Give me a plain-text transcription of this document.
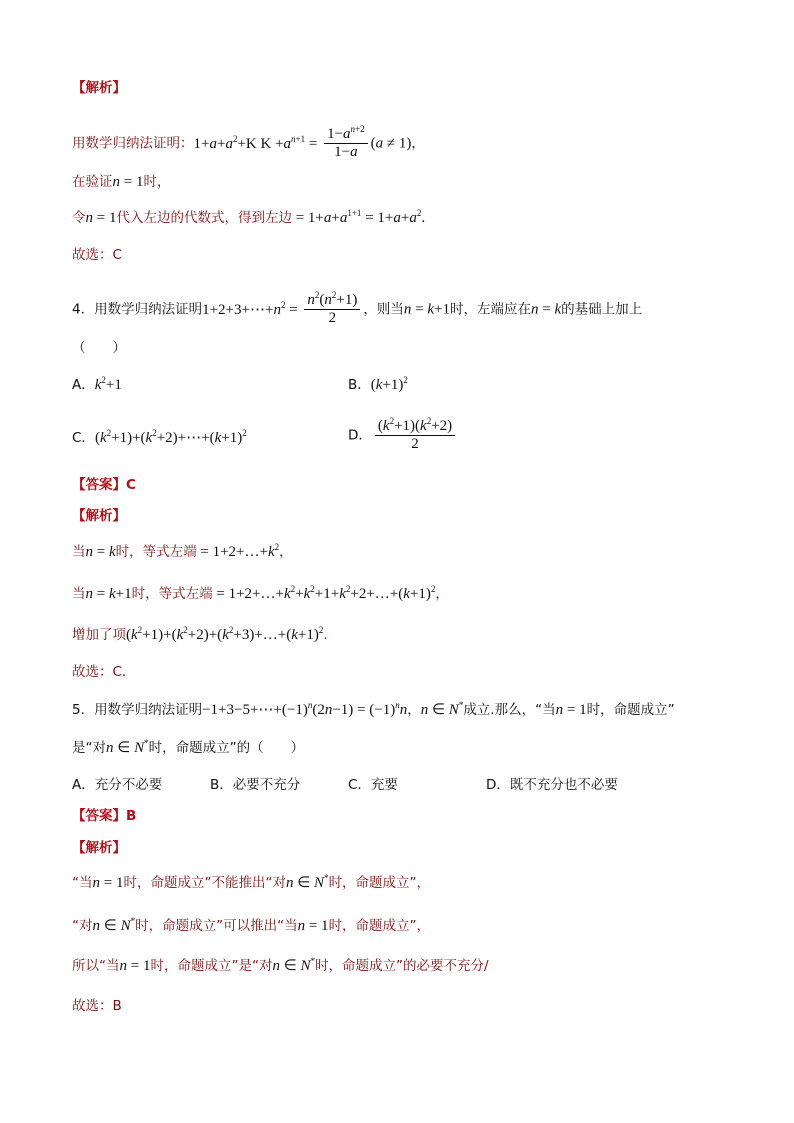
【解析】
用数学归纳法证明：$1+a+a^2+K$ $K +a^{n+1} = \frac{1-a^{n+2}}{1-a} (a \ne 1)$，
在验证n = 1时，
令n = 1代入左边的代数式，得到左边 = $1+a+a^{1+1} = 1+a+a^2$.
故选：C
4．用数学归纳法证明$1+2+3+\cdots+n^2 = \frac{n^2(n^2+1)}{2}$ ，则当n = k+1时，左端应在n = k的基础上加上
（　　）
A．$k^2+1$	B．$(k+1)^2$
C．$(k^2+1)+(k^2+2)+\cdots+(k+1)^2$	D． $\frac{(k^2+1)(k^2+2)}{2}$
【答案】C
【解析】
当n = k时，等式左端 = $1+2+\dots+k^2$，
当n = k+1时，等式左端 = $1+2+\dots+k^2+k^2+1+k^2+2+\dots+(k+1)^2$，
增加了项$(k^2+1)+(k^2+2)+(k^2+3)+\dots+(k+1)^2$.
故选：C．
5．用数学归纳法证明$-1+3-5+\cdots+(-1)^n(2n-1) = (-1)^nn$，n ∈ N*成立.那么，“当n = 1时，命题成立”
是“对n ∈ N*时，命题成立”的（　　）
A．充分不必要	B．必要不充分	C．充要	D．既不充分也不必要
【答案】B
【解析】
“当n = 1时，命题成立”不能推出“对n ∈ N*时，命题成立”，
“对n ∈ N*时，命题成立”可以推出“当n = 1时，命题成立”，
所以“当n = 1时，命题成立”是“对n ∈ N*时，命题成立”的必要不充分/
故选：B
